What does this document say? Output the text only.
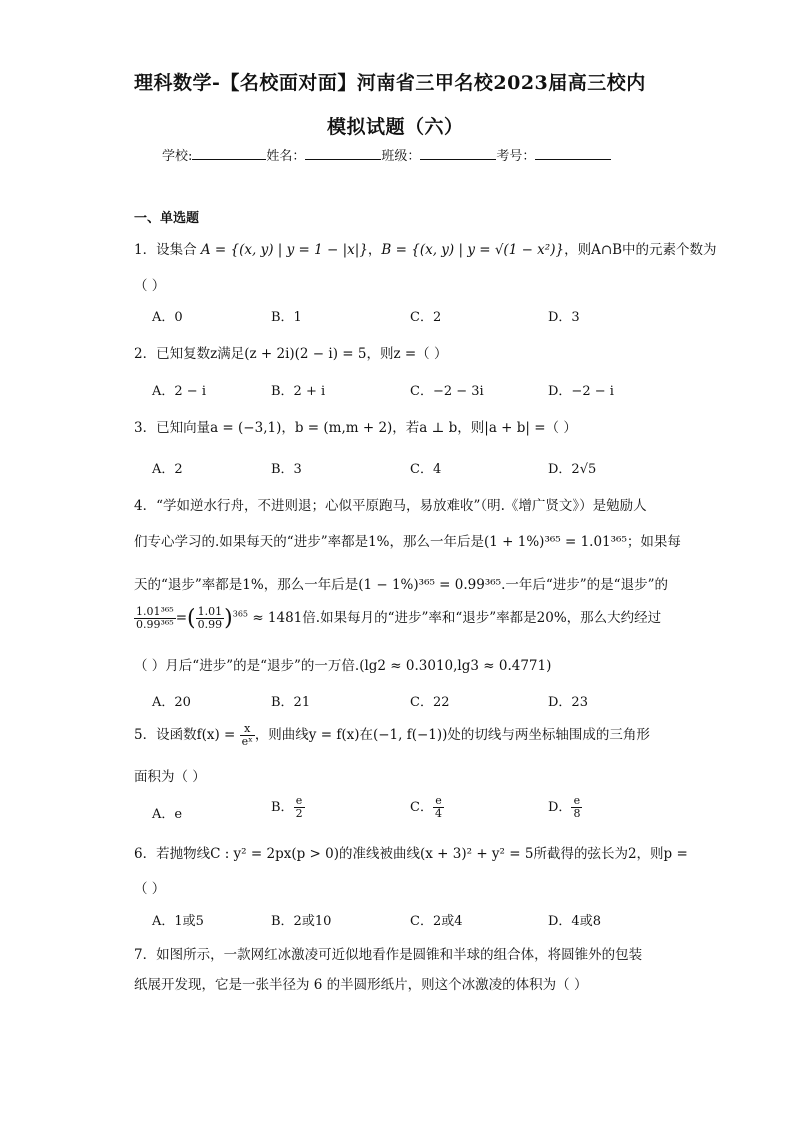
理科数学-【名校面对面】河南省三甲名校2023届高三校内
模拟试题（六）
学校:	姓名：	班级：	考号：
一、单选题
1．设集合 A = {(x, y) | y = 1 − |x|}，B = {(x, y) | y = √(1 − x²)}，则A∩B中的元素个数为
（ ）
A．0	B．1	C．2	D．3
2．已知复数z满足(z + 2i)(2 − i) = 5，则z =（ ）
A．2 − i	B．2 + i	C．−2 − 3i	D．−2 − i
3．已知向量a = (−3,1)，b = (m,m + 2)，若a ⊥ b，则|a + b| =（ ）
A．2	B．3	C．4	D．2√5
4．“学如逆水行舟，不进则退；心似平原跑马，易放难收”（明.《增广贤文》）是勉励人
们专心学习的.如果每天的“进步”率都是1%，那么一年后是(1 + 1%)³⁶⁵ = 1.01³⁶⁵；如果每
天的“退步”率都是1%，那么一年后是(1 − 1%)³⁶⁵ = 0.99³⁶⁵.一年后“进步”的是“退步”的
$\frac{\text{1.01³⁶⁵}}{\text{0.99³⁶⁵}}$ =( $\frac{1.01}{0.99} )^{365} \approx 1481$倍.如果每月的“进步”率和“退步”率都是20%，那么大约经过
（ ）月后“进步”的是“退步”的一万倍.(lg2 ≈ 0.3010,lg3 ≈ 0.4771)
A．20	B．21	C．22	D．23
5．设函数$f(x) = \frac{x}{\text{eˣ}}$ ，则曲线y = f(x)在(−1, f(−1))处的切线与两坐标轴围成的三角形
面积为（ ）
A．e	B． $\frac{e}{2}$	C． $\frac{e}{4}$	D． $\frac{e}{8}$
6．若抛物线C : y² = 2px(p > 0)的准线被曲线(x + 3)² + y² = 5所截得的弦长为2，则p =
（ ）
A．1或5	B．2或10	C．2或4	D．4或8
7．如图所示，一款网红冰激凌可近似地看作是圆锥和半球的组合体，将圆锥外的包装
纸展开发现，它是一张半径为 6 的半圆形纸片，则这个冰激凌的体积为（ ）
